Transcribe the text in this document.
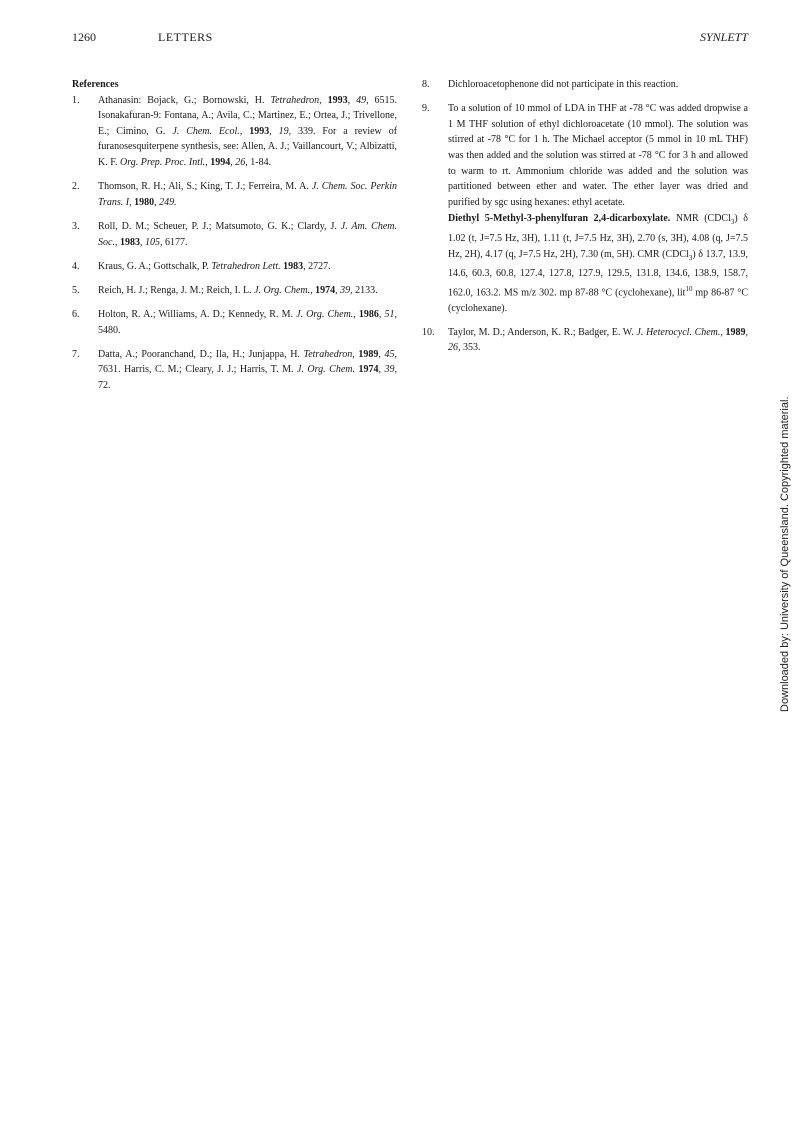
1260	LETTERS	SYNLETT
References
1. Athanasin: Bojack, G.; Bornowski, H. Tetrahedron, 1993, 49, 6515. Isonakafuran-9: Fontana, A.; Avila, C.; Martinez, E.; Ortea, J.; Trivellone, E.; Cimino, G. J. Chem. Ecol., 1993, 19, 339. For a review of furanosesquiterpene synthesis, see: Allen, A. J.; Vaillancourt, V.; Albizatti, K. F. Org. Prep. Proc. Intl., 1994, 26, 1-84.
2. Thomson, R. H.; Ali, S.; King, T. J.; Ferreira, M. A. J. Chem. Soc. Perkin Trans. I, 1980, 249.
3. Roll, D. M.; Scheuer, P. J.; Matsumoto, G. K.; Clardy, J. J. Am. Chem. Soc., 1983, 105, 6177.
4. Kraus, G. A.; Gottschalk, P. Tetrahedron Lett. 1983, 2727.
5. Reich, H. J.; Renga, J. M.; Reich, I. L. J. Org. Chem., 1974, 39, 2133.
6. Holton, R. A.; Williams, A. D.; Kennedy, R. M. J. Org. Chem., 1986, 51, 5480.
7. Datta, A.; Pooranchand, D.; Ila, H.; Junjappa, H. Tetrahedron, 1989, 45, 7631. Harris, C. M.; Cleary, J. J.; Harris, T. M. J. Org. Chem. 1974, 39, 72.
8. Dichloroacetophenone did not participate in this reaction.
9. To a solution of 10 mmol of LDA in THF at -78 °C was added dropwise a 1 M THF solution of ethyl dichloroacetate (10 mmol). The solution was stirred at -78 °C for 1 h. The Michael acceptor (5 mmol in 10 mL THF) was then added and the solution was stirred at -78 °C for 3 h and allowed to warm to rt. Ammonium chloride was added and the solution was partitioned between ether and water. The ether layer was dried and purified by sgc using hexanes: ethyl acetate.
Diethyl 5-Methyl-3-phenylfuran 2,4-dicarboxylate. NMR (CDCl$_3$) δ 1.02 (t, J=7.5 Hz, 3H), 1.11 (t, J=7.5 Hz, 3H), 2.70 (s, 3H), 4.08 (q, J=7.5 Hz, 2H), 4.17 (q, J=7.5 Hz, 2H), 7.30 (m, 5H). CMR (CDCl$_3$) δ 13.7, 13.9, 14.6, 60.3, 60.8, 127.4, 127.8, 127.9, 129.5, 131.8, 134.6, 138.9, 158.7, 162.0, 163.2. MS m/z 302. mp 87-88 °C (cyclohexane), lit$^{10}$ mp 86-87 °C (cyclohexane).
10. Taylor, M. D.; Anderson, K. R.; Badger, E. W. J. Heterocycl. Chem., 1989, 26, 353.
Downloaded by: University of Queensland. Copyrighted material.
